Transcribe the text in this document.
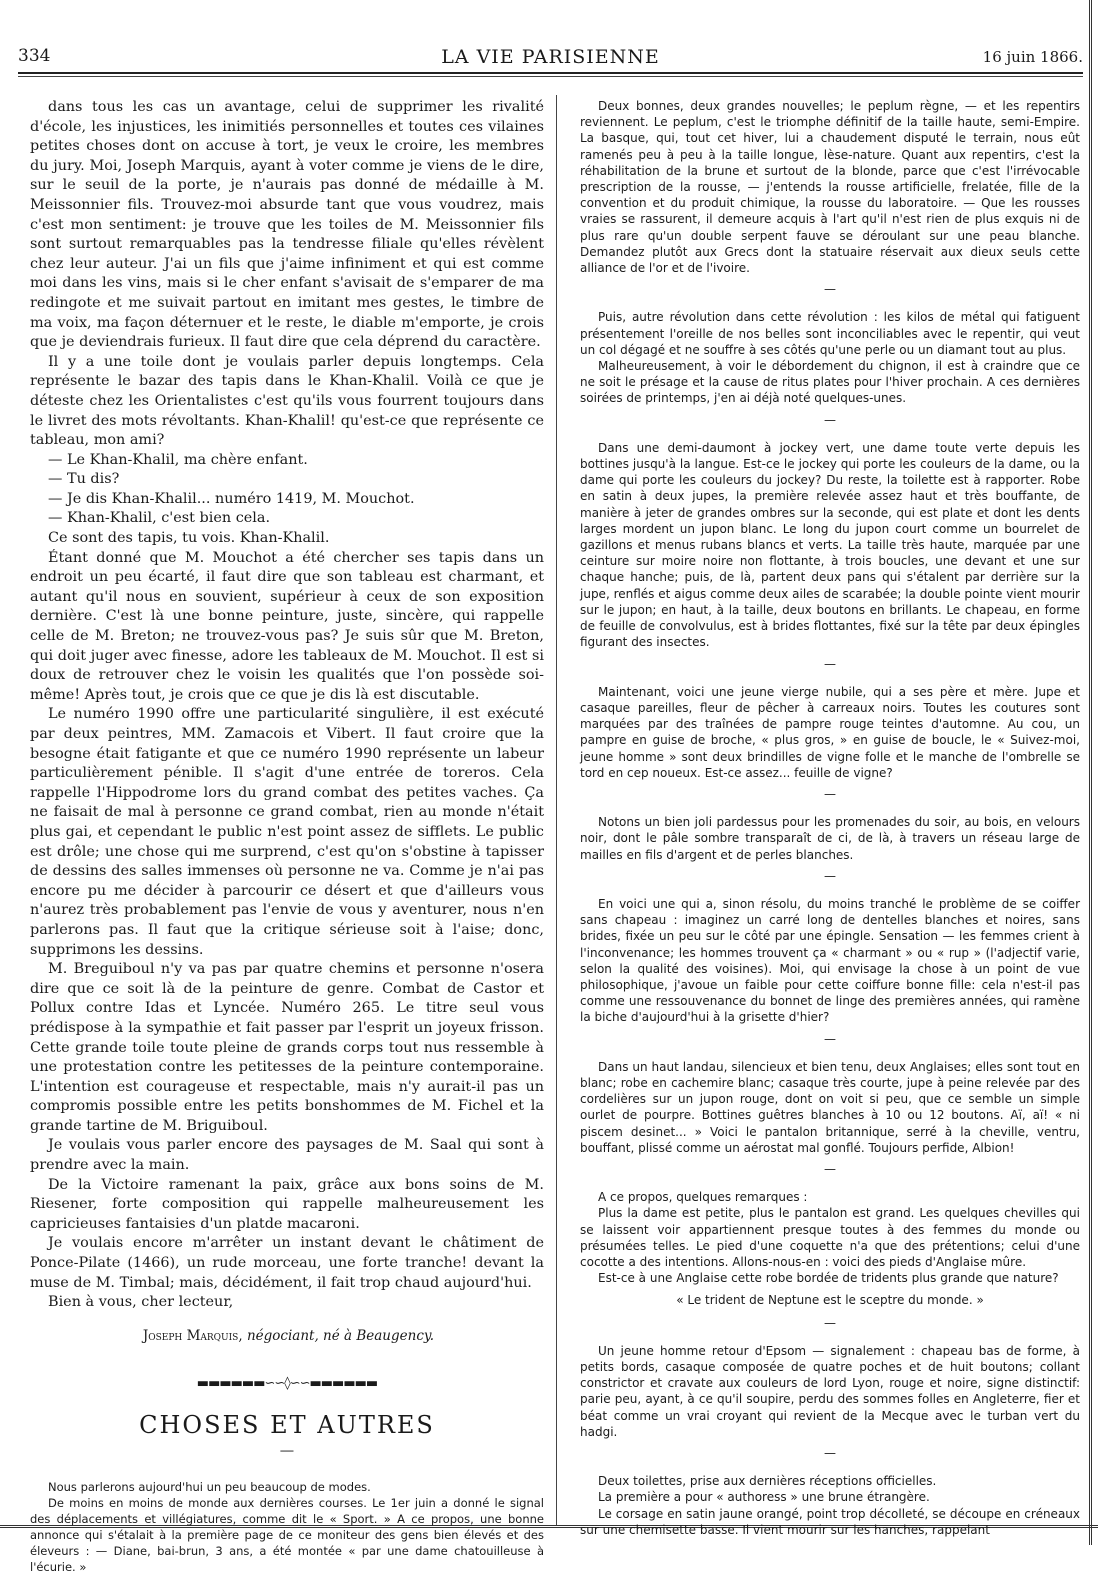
334	LA VIE PARISIENNE	16 juin 1866.

dans tous les cas un avantage, celui de supprimer les rivalité d'école, les injustices, les inimitiés personnelles et toutes ces vilaines petites choses dont on accuse à tort, je veux le croire, les membres du jury. Moi, Joseph Marquis, ayant à voter comme je viens de le dire, sur le seuil de la porte, je n'aurais pas donné de médaille à M. Meissonnier fils. Trouvez-moi absurde tant que vous voudrez, mais c'est mon sentiment: je trouve que les toiles de M. Meissonnier fils sont surtout remarquables pas la tendresse filiale qu'elles révèlent chez leur auteur. J'ai un fils que j'aime infiniment et qui est comme moi dans les vins, mais si le cher enfant s'avisait de s'emparer de ma redingote et me suivait partout en imitant mes gestes, le timbre de ma voix, ma façon déternuer et le reste, le diable m'emporte, je crois que je deviendrais furieux. Il faut dire que cela déprend du caractère.

Il y a une toile dont je voulais parler depuis longtemps. Cela représente le bazar des tapis dans le Khan-Khalil. Voilà ce que je déteste chez les Orientalistes c'est qu'ils vous fourrent toujours dans le livret des mots révoltants. Khan-Khalil! qu'est-ce que représente ce tableau, mon ami?

— Le Khan-Khalil, ma chère enfant.

— Tu dis?

— Je dis Khan-Khalil... numéro 1419, M. Mouchot.

— Khan-Khalil, c'est bien cela.

Ce sont des tapis, tu vois. Khan-Khalil.

Étant donné que M. Mouchot a été chercher ses tapis dans un endroit un peu écarté, il faut dire que son tableau est charmant, et autant qu'il nous en souvient, supérieur à ceux de son exposition dernière. C'est là une bonne peinture, juste, sincère, qui rappelle celle de M. Breton; ne trouvez-vous pas? Je suis sûr que M. Breton, qui doit juger avec finesse, adore les tableaux de M. Mouchot. Il est si doux de retrouver chez le voisin les qualités que l'on possède soi-même! Après tout, je crois que ce que je dis là est discutable.

Le numéro 1990 offre une particularité singulière, il est exécuté par deux peintres, MM. Zamacois et Vibert. Il faut croire que la besogne était fatigante et que ce numéro 1990 représente un labeur particulièrement pénible. Il s'agit d'une entrée de toreros. Cela rappelle l'Hippodrome lors du grand combat des petites vaches. Ça ne faisait de mal à personne ce grand combat, rien au monde n'était plus gai, et cependant le public n'est point assez de sifflets. Le public est drôle; une chose qui me surprend, c'est qu'on s'obstine à tapisser de dessins des salles immenses où personne ne va. Comme je n'ai pas encore pu me décider à parcourir ce désert et que d'ailleurs vous n'aurez très probablement pas l'envie de vous y aventurer, nous n'en parlerons pas. Il faut que la critique sérieuse soit à l'aise; donc, supprimons les dessins.

M. Breguiboul n'y va pas par quatre chemins et personne n'osera dire que ce soit là de la peinture de genre. Combat de Castor et Pollux contre Idas et Lyncée. Numéro 265. Le titre seul vous prédispose à la sympathie et fait passer par l'esprit un joyeux frisson. Cette grande toile toute pleine de grands corps tout nus ressemble à une protestation contre les petitesses de la peinture contemporaine. L'intention est courageuse et respectable, mais n'y aurait-il pas un compromis possible entre les petits bonshommes de M. Fichel et la grande tartine de M. Briguiboul.

Je voulais vous parler encore des paysages de M. Saal qui sont à prendre avec la main.

De la Victoire ramenant la paix, grâce aux bons soins de M. Riesener, forte composition qui rappelle malheureusement les capricieuses fantaisies d'un platde macaroni.

Je voulais encore m'arrêter un instant devant le châtiment de Ponce-Pilate (1466), un rude morceau, une forte tranche! devant la muse de M. Timbal; mais, décidément, il fait trop chaud aujourd'hui.

Bien à vous, cher lecteur,

Joseph Marquis, négociant, né à Beaugency.
▬▬▬▬▬▬∽∽◊∽∽▬▬▬▬▬▬
CHOSES ET AUTRES
—

Nous parlerons aujourd'hui un peu beaucoup de modes.

De moins en moins de monde aux dernières courses. Le 1er juin a donné le signal des déplacements et villégiatures, comme dit le « Sport. » A ce propos, une bonne annonce qui s'étalait à la première page de ce moniteur des gens bien élevés et des éleveurs : — Diane, bai-brun, 3 ans, a été montée « par une dame chatouilleuse à l'écurie. »

Deux bonnes, deux grandes nouvelles; le peplum règne, — et les repentirs reviennent. Le peplum, c'est le triomphe définitif de la taille haute, semi-Empire. La basque, qui, tout cet hiver, lui a chaudement disputé le terrain, nous eût ramenés peu à peu à la taille longue, lèse-nature. Quant aux repentirs, c'est la réhabilitation de la brune et surtout de la blonde, parce que c'est l'irrévocable prescription de la rousse, — j'entends la rousse artificielle, frelatée, fille de la convention et du produit chimique, la rousse du laboratoire. — Que les rousses vraies se rassurent, il demeure acquis à l'art qu'il n'est rien de plus exquis ni de plus rare qu'un double serpent fauve se déroulant sur une peau blanche. Demandez plutôt aux Grecs dont la statuaire réservait aux dieux seuls cette alliance de l'or et de l'ivoire.

—

Puis, autre révolution dans cette révolution : les kilos de métal qui fatiguent présentement l'oreille de nos belles sont inconciliables avec le repentir, qui veut un col dégagé et ne souffre à ses côtés qu'une perle ou un diamant tout au plus.

Malheureusement, à voir le débordement du chignon, il est à craindre que ce ne soit le présage et la cause de ritus plates pour l'hiver prochain. A ces dernières soirées de printemps, j'en ai déjà noté quelques-unes.

—

Dans une demi-daumont à jockey vert, une dame toute verte depuis les bottines jusqu'à la langue. Est-ce le jockey qui porte les couleurs de la dame, ou la dame qui porte les couleurs du jockey? Du reste, la toilette est à rapporter. Robe en satin à deux jupes, la première relevée assez haut et très bouffante, de manière à jeter de grandes ombres sur la seconde, qui est plate et dont les dents larges mordent un jupon blanc. Le long du jupon court comme un bourrelet de gazillons et menus rubans blancs et verts. La taille très haute, marquée par une ceinture sur moire noire non flottante, à trois boucles, une devant et une sur chaque hanche; puis, de là, partent deux pans qui s'étalent par derrière sur la jupe, renflés et aigus comme deux ailes de scarabée; la double pointe vient mourir sur le jupon; en haut, à la taille, deux boutons en brillants. Le chapeau, en forme de feuille de convolvulus, est à brides flottantes, fixé sur la tête par deux épingles figurant des insectes.

—

Maintenant, voici une jeune vierge nubile, qui a ses père et mère. Jupe et casaque pareilles, fleur de pêcher à carreaux noirs. Toutes les coutures sont marquées par des traînées de pampre rouge teintes d'automne. Au cou, un pampre en guise de broche, « plus gros, » en guise de boucle, le « Suivez-moi, jeune homme » sont deux brindilles de vigne folle et le manche de l'ombrelle se tord en cep noueux. Est-ce assez... feuille de vigne?

—

Notons un bien joli pardessus pour les promenades du soir, au bois, en velours noir, dont le pâle sombre transparaît de ci, de là, à travers un réseau large de mailles en fils d'argent et de perles blanches.

—

En voici une qui a, sinon résolu, du moins tranché le problème de se coiffer sans chapeau : imaginez un carré long de dentelles blanches et noires, sans brides, fixée un peu sur le côté par une épingle. Sensation — les femmes crient à l'inconvenance; les hommes trouvent ça « charmant » ou « rup » (l'adjectif varie, selon la qualité des voisines). Moi, qui envisage la chose à un point de vue philosophique, j'avoue un faible pour cette coiffure bonne fille: cela n'est-il pas comme une ressouvenance du bonnet de linge des premières années, qui ramène la biche d'aujourd'hui à la grisette d'hier?

—

Dans un haut landau, silencieux et bien tenu, deux Anglaises; elles sont tout en blanc; robe en cachemire blanc; casaque très courte, jupe à peine relevée par des cordelières sur un jupon rouge, dont on voit si peu, que ce semble un simple ourlet de pourpre. Bottines guêtres blanches à 10 ou 12 boutons. Aï, aï! « ni piscem desinet... » Voici le pantalon britannique, serré à la cheville, ventru, bouffant, plissé comme un aérostat mal gonflé. Toujours perfide, Albion!

—

A ce propos, quelques remarques :

Plus la dame est petite, plus le pantalon est grand. Les quelques chevilles qui se laissent voir appartiennent presque toutes à des femmes du monde ou présumées telles. Le pied d'une coquette n'a que des prétentions; celui d'une cocotte a des intentions. Allons-nous-en : voici des pieds d'Anglaise mûre.

Est-ce à une Anglaise cette robe bordée de tridents plus grande que nature?

« Le trident de Neptune est le sceptre du monde. »

—

Un jeune homme retour d'Epsom — signalement : chapeau bas de forme, à petits bords, casaque composée de quatre poches et de huit boutons; collant constrictor et cravate aux couleurs de lord Lyon, rouge et noire, signe distinctif: parie peu, ayant, à ce qu'il soupire, perdu des sommes folles en Angleterre, fier et béat comme un vrai croyant qui revient de la Mecque avec le turban vert du hadgi.

—

Deux toilettes, prise aux dernières réceptions officielles.

La première a pour « authoress » une brune étrangère.

Le corsage en satin jaune orangé, point trop décolleté, se découpe en créneaux sur une chemisette basse. Il vient mourir sur les hanches, rappelant
